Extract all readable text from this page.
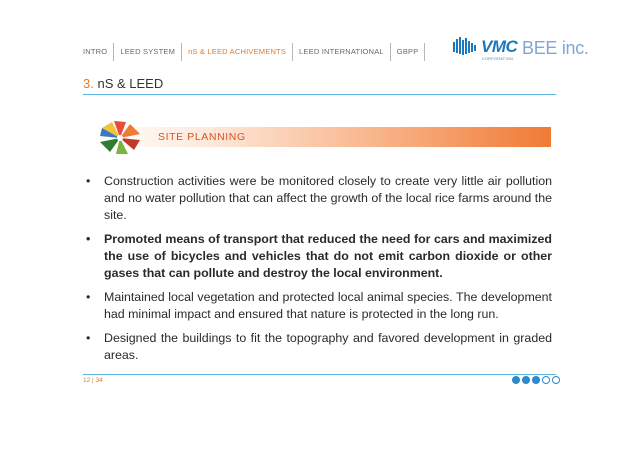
INTRO	LEED SYSTEM	nS & LEED ACHIVEMENTS	LEED INTERNATIONAL	GBPP	VMC
CORPORATION
BEE inc.
3. nS & LEED
SITE PLANNING
• Construction activities were be monitored closely to create very little air pollution and no water pollution that can affect the growth of the local rice farms around the site.
• Promoted means of transport that reduced the need for cars and maximized the use of bicycles and vehicles that do not emit carbon dioxide or other gases that can pollute and destroy the local environment.
• Maintained local vegetation and protected local animal species. The development had minimal impact and ensured that nature is protected in the long run.
• Designed the buildings to fit the topography and favored development in graded areas.
12 | 34
